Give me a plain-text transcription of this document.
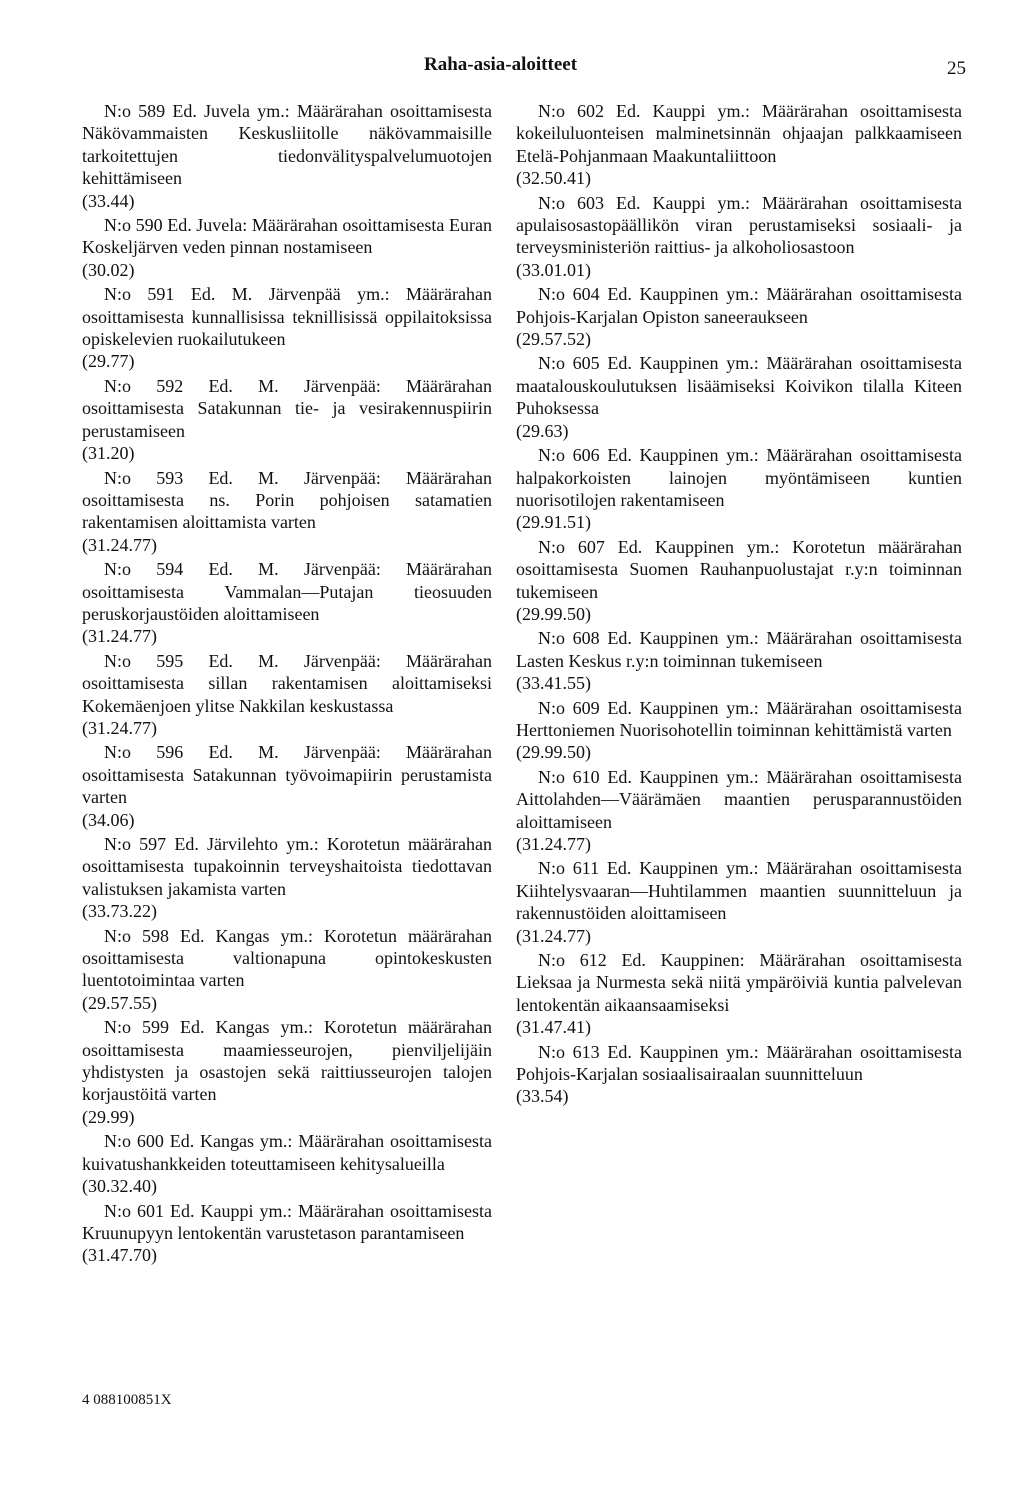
Raha-asia-aloitteet	25
N:o 589 Ed. Juvela ym.: Määrärahan osoittamisesta Näkövammaisten Keskusliitolle näkövammaisille tarkoitettujen tiedonvälityspalvelumuotojen kehittämiseen
(33.44)
N:o 590 Ed. Juvela: Määrärahan osoittamisesta Euran Koskeljärven veden pinnan nostamiseen
(30.02)
N:o 591 Ed. M. Järvenpää ym.: Määrärahan osoittamisesta kunnallisissa teknillisissä oppilaitoksissa opiskelevien ruokailutukeen
(29.77)
N:o 592 Ed. M. Järvenpää: Määrärahan osoittamisesta Satakunnan tie- ja vesirakennuspiirin perustamiseen
(31.20)
N:o 593 Ed. M. Järvenpää: Määrärahan osoittamisesta ns. Porin pohjoisen satamatien rakentamisen aloittamista varten
(31.24.77)
N:o 594 Ed. M. Järvenpää: Määrärahan osoittamisesta Vammalan—Putajan tieosuuden peruskorjaustöiden aloittamiseen
(31.24.77)
N:o 595 Ed. M. Järvenpää: Määrärahan osoittamisesta sillan rakentamisen aloittamiseksi Kokemäenjoen ylitse Nakkilan keskustassa
(31.24.77)
N:o 596 Ed. M. Järvenpää: Määrärahan osoittamisesta Satakunnan työvoimapiirin perustamista varten
(34.06)
N:o 597 Ed. Järvilehto ym.: Korotetun määrärahan osoittamisesta tupakoinnin terveyshaitoista tiedottavan valistuksen jakamista varten
(33.73.22)
N:o 598 Ed. Kangas ym.: Korotetun määrärahan osoittamisesta valtionapuna opintokeskusten luentotoimintaa varten
(29.57.55)
N:o 599 Ed. Kangas ym.: Korotetun määrärahan osoittamisesta maamiesseurojen, pienviljelijäin yhdistysten ja osastojen sekä raittiusseurojen talojen korjaustöitä varten
(29.99)
N:o 600 Ed. Kangas ym.: Määrärahan osoittamisesta kuivatushankkeiden toteuttamiseen kehitysalueilla
(30.32.40)
N:o 601 Ed. Kauppi ym.: Määrärahan osoittamisesta Kruunupyyn lentokentän varustetason parantamiseen
(31.47.70)
N:o 602 Ed. Kauppi ym.: Määrärahan osoittamisesta kokeiluluonteisen malminetsinnän ohjaajan palkkaamiseen Etelä-Pohjanmaan Maakuntaliittoon
(32.50.41)
N:o 603 Ed. Kauppi ym.: Määrärahan osoittamisesta apulaisosastopäällikön viran perustamiseksi sosiaali- ja terveysministeriön raittius- ja alkoholiosastoon
(33.01.01)
N:o 604 Ed. Kauppinen ym.: Määrärahan osoittamisesta Pohjois-Karjalan Opiston saneeraukseen
(29.57.52)
N:o 605 Ed. Kauppinen ym.: Määrärahan osoittamisesta maatalouskoulutuksen lisäämiseksi Koivikon tilalla Kiteen Puhoksessa
(29.63)
N:o 606 Ed. Kauppinen ym.: Määrärahan osoittamisesta halpakorkoisten lainojen myöntämiseen kuntien nuorisotilojen rakentamiseen
(29.91.51)
N:o 607 Ed. Kauppinen ym.: Korotetun määrärahan osoittamisesta Suomen Rauhanpuolustajat r.y:n toiminnan tukemiseen
(29.99.50)
N:o 608 Ed. Kauppinen ym.: Määrärahan osoittamisesta Lasten Keskus r.y:n toiminnan tukemiseen
(33.41.55)
N:o 609 Ed. Kauppinen ym.: Määrärahan osoittamisesta Herttoniemen Nuorisohotellin toiminnan kehittämistä varten
(29.99.50)
N:o 610 Ed. Kauppinen ym.: Määrärahan osoittamisesta Aittolahden—Väärämäen maantien perusparannustöiden aloittamiseen
(31.24.77)
N:o 611 Ed. Kauppinen ym.: Määrärahan osoittamisesta Kiihtelysvaaran—Huhtilammen maantien suunnitteluun ja rakennustöiden aloittamiseen
(31.24.77)
N:o 612 Ed. Kauppinen: Määrärahan osoittamisesta Lieksaa ja Nurmesta sekä niitä ympäröiviä kuntia palvelevan lentokentän aikaansaamiseksi
(31.47.41)
N:o 613 Ed. Kauppinen ym.: Määrärahan osoittamisesta Pohjois-Karjalan sosiaalisairaalan suunnitteluun
(33.54)
4 088100851X
